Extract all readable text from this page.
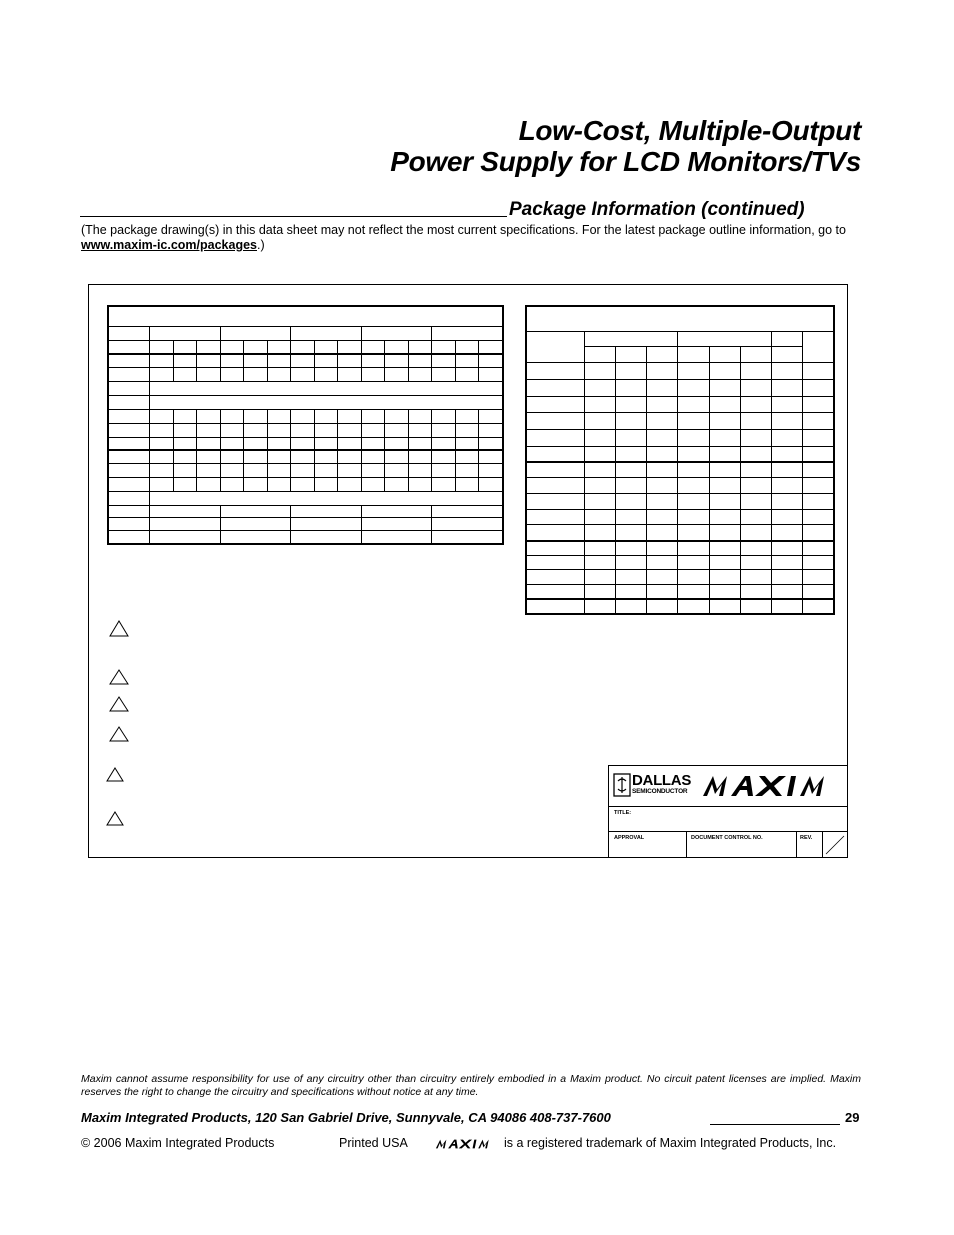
Low-Cost, Multiple-Output
Power Supply for LCD Monitors/TVs
Package Information (continued)
(The package drawing(s) in this data sheet may not reflect the most current specifications. For the latest package outline information, go to www.maxim-ic.com/packages.)

DALLAS
SEMICONDUCTOR
TITLE:
APPROVAL	DOCUMENT CONTROL NO.	REV.
Maxim cannot assume responsibility for use of any circuitry other than circuitry entirely embodied in a Maxim product. No circuit patent licenses are implied. Maxim reserves the right to change the circuitry and specifications without notice at any time.
Maxim Integrated Products, 120 San Gabriel Drive, Sunnyvale, CA 94086 408-737-7600	29
© 2006 Maxim Integrated Products	Printed USA	is a registered trademark of Maxim Integrated Products, Inc.
